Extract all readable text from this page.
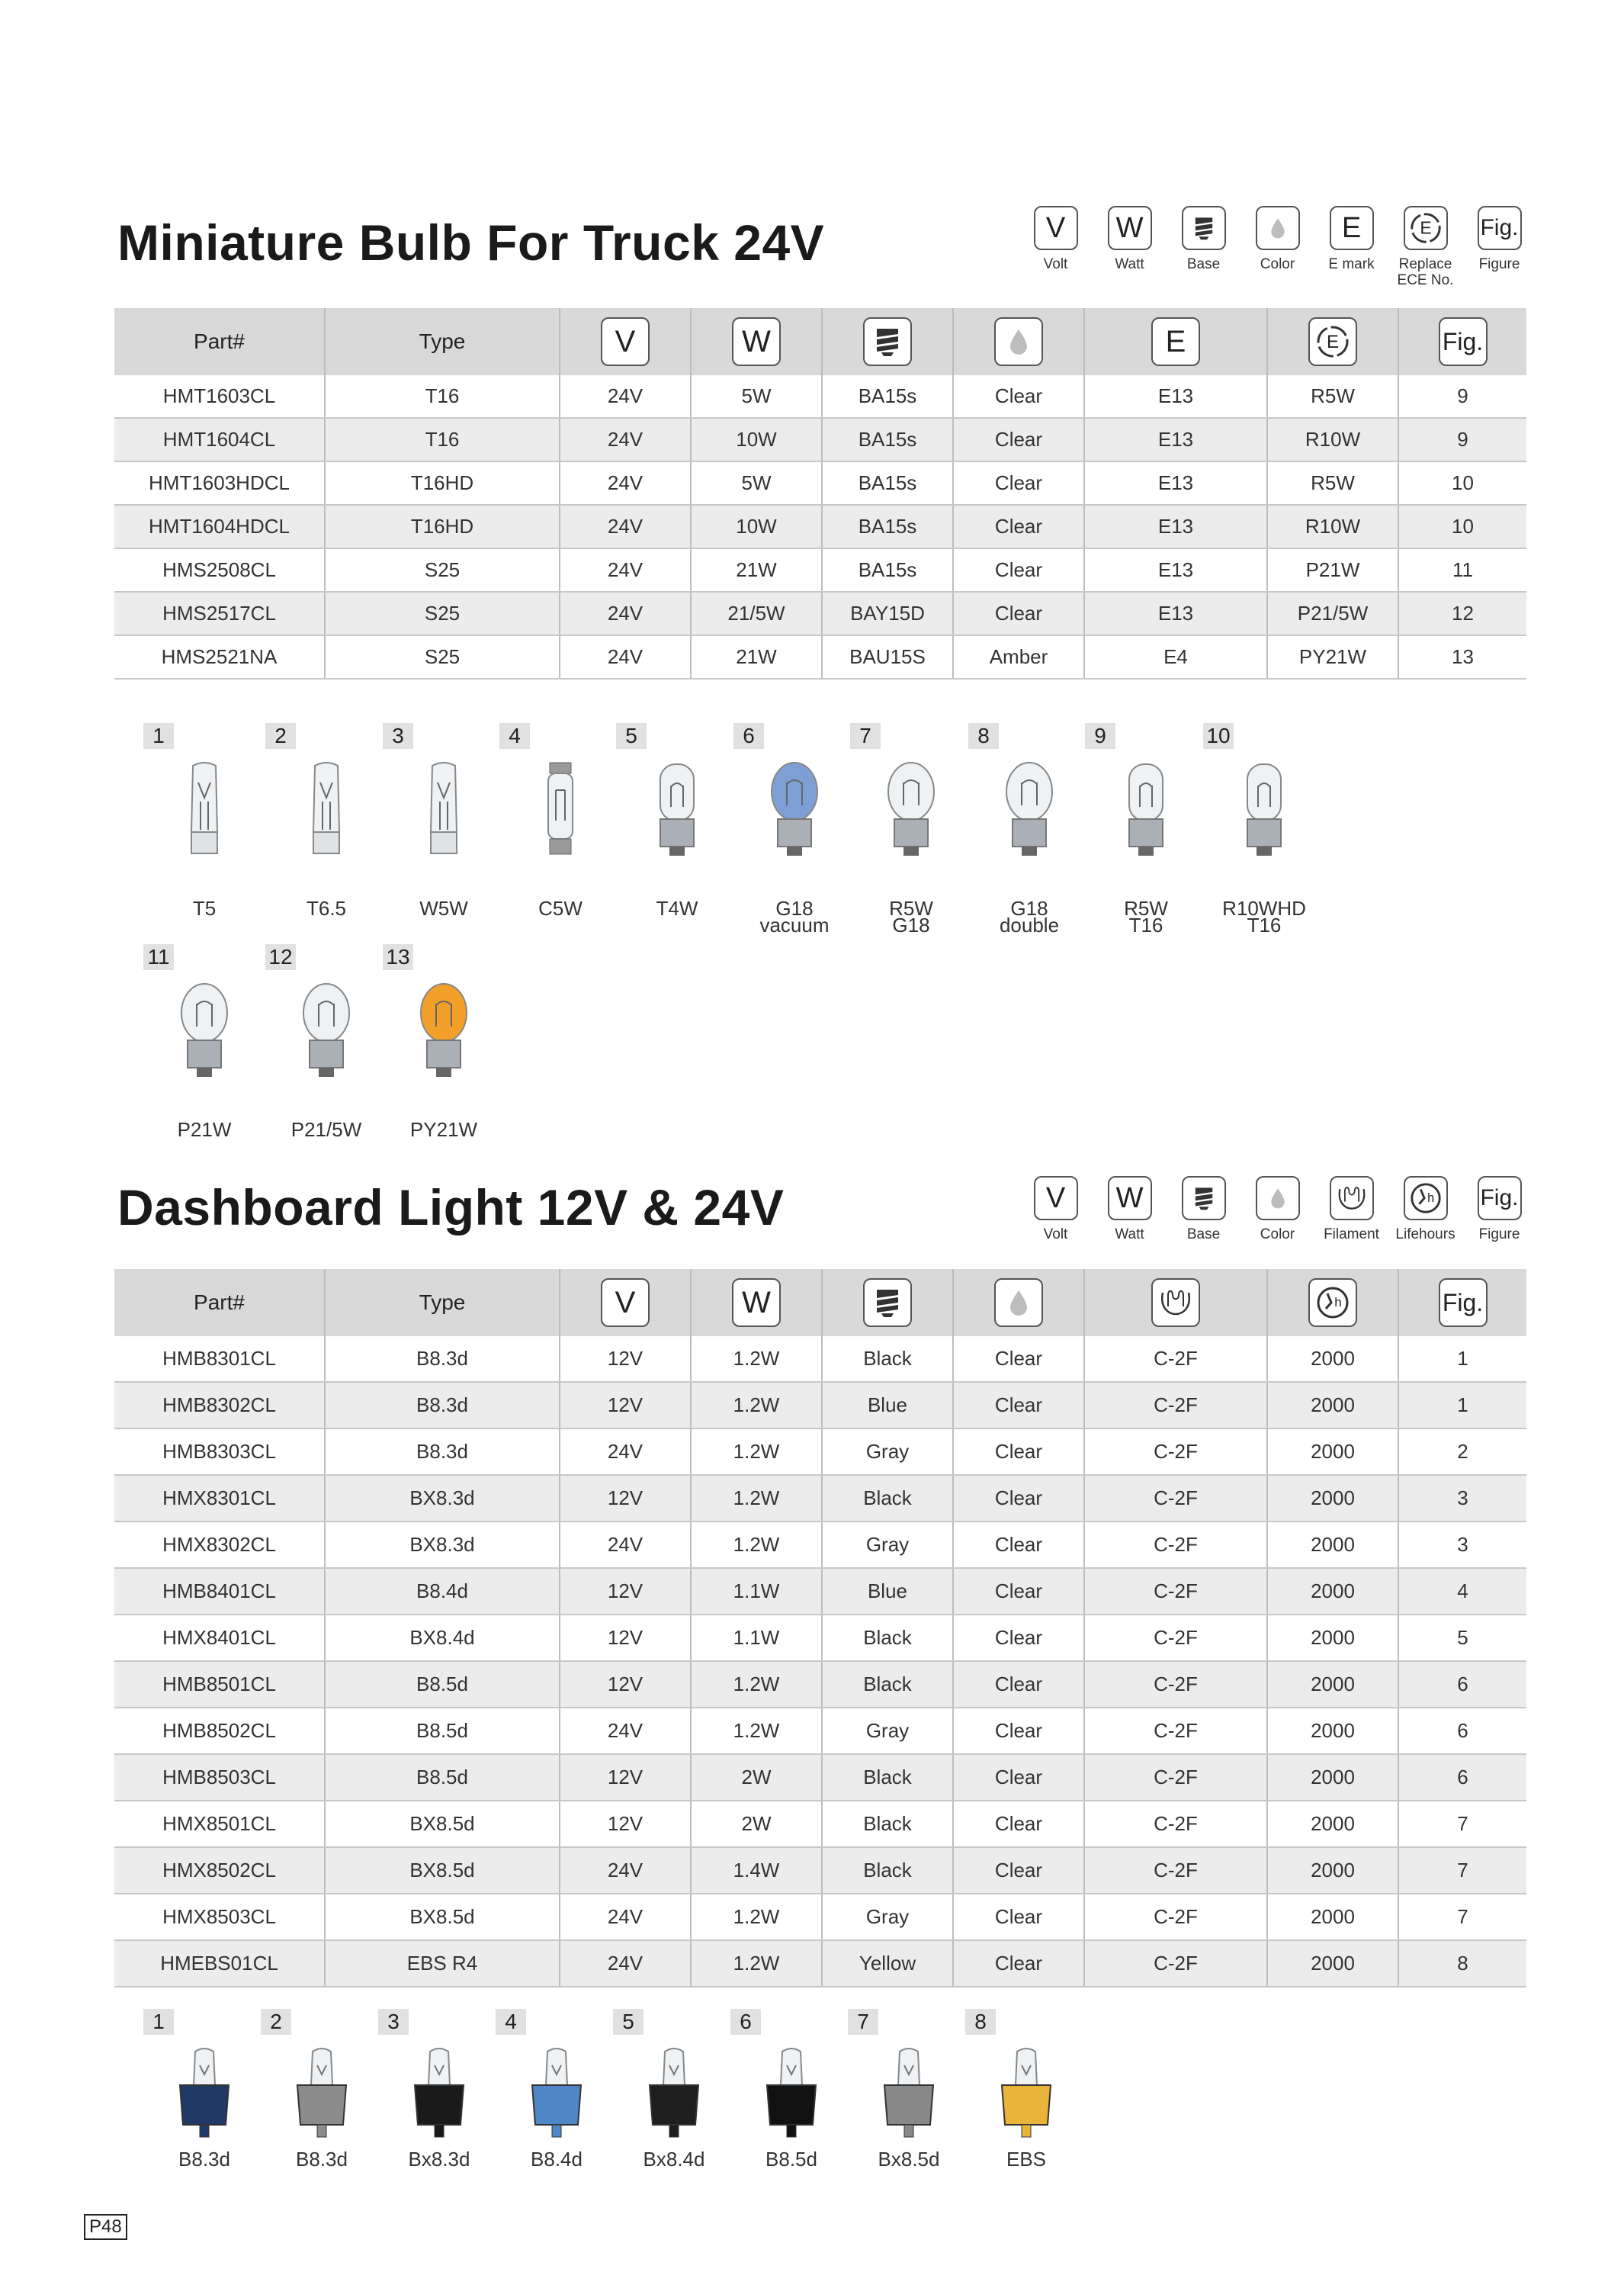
Miniature Bulb For Truck 24V	V
Volt
W
Watt	Base	Color
E
E mark
E
Replace
ECE No.
Fig.
Figure
Part#	Type	V	W			E	E	Fig.
HMT1603CL	T16	24V	5W	BA15s	Clear	E13	R5W	9
HMT1604CL	T16	24V	10W	BA15s	Clear	E13	R10W	9
HMT1603HDCL	T16HD	24V	5W	BA15s	Clear	E13	R5W	10
HMT1604HDCL	T16HD	24V	10W	BA15s	Clear	E13	R10W	10
HMS2508CL	S25	24V	21W	BA15s	Clear	E13	P21W	11
HMS2517CL	S25	24V	21/5W	BAY15D	Clear	E13	P21/5W	12
HMS2521NA	S25	24V	21W	BAU15S	Amber	E4	PY21W	13
1
T5
2
T6.5
3
W5W
4
C5W
5
T4W
6
G18
vacuum
7
R5W
G18
8
G18
double
9
R5W
T16
10
R10WHD
T16
11
P21W
12
P21/5W
13
PY21W
Dashboard Light 12V & 24V	V
Volt
W
Watt	Base	Color Filament
h
Lifehours
Fig.
Figure
Part#	Type	V	W				h	Fig.
HMB8301CL	B8.3d	12V	1.2W	Black	Clear	C-2F	2000	1
HMB8302CL	B8.3d	12V	1.2W	Blue	Clear	C-2F	2000	1
HMB8303CL	B8.3d	24V	1.2W	Gray	Clear	C-2F	2000	2
HMX8301CL	BX8.3d	12V	1.2W	Black	Clear	C-2F	2000	3
HMX8302CL	BX8.3d	24V	1.2W	Gray	Clear	C-2F	2000	3
HMB8401CL	B8.4d	12V	1.1W	Blue	Clear	C-2F	2000	4
HMX8401CL	BX8.4d	12V	1.1W	Black	Clear	C-2F	2000	5
HMB8501CL	B8.5d	12V	1.2W	Black	Clear	C-2F	2000	6
HMB8502CL	B8.5d	24V	1.2W	Gray	Clear	C-2F	2000	6
HMB8503CL	B8.5d	12V	2W	Black	Clear	C-2F	2000	6
HMX8501CL	BX8.5d	12V	2W	Black	Clear	C-2F	2000	7
HMX8502CL	BX8.5d	24V	1.4W	Black	Clear	C-2F	2000	7
HMX8503CL	BX8.5d	24V	1.2W	Gray	Clear	C-2F	2000	7
HMEBS01CL	EBS R4	24V	1.2W	Yellow	Clear	C-2F	2000	8
1
B8.3d
2
B8.3d
3
Bx8.3d
4
B8.4d
5
Bx8.4d
6
B8.5d
7
Bx8.5d
8
EBS
P48
